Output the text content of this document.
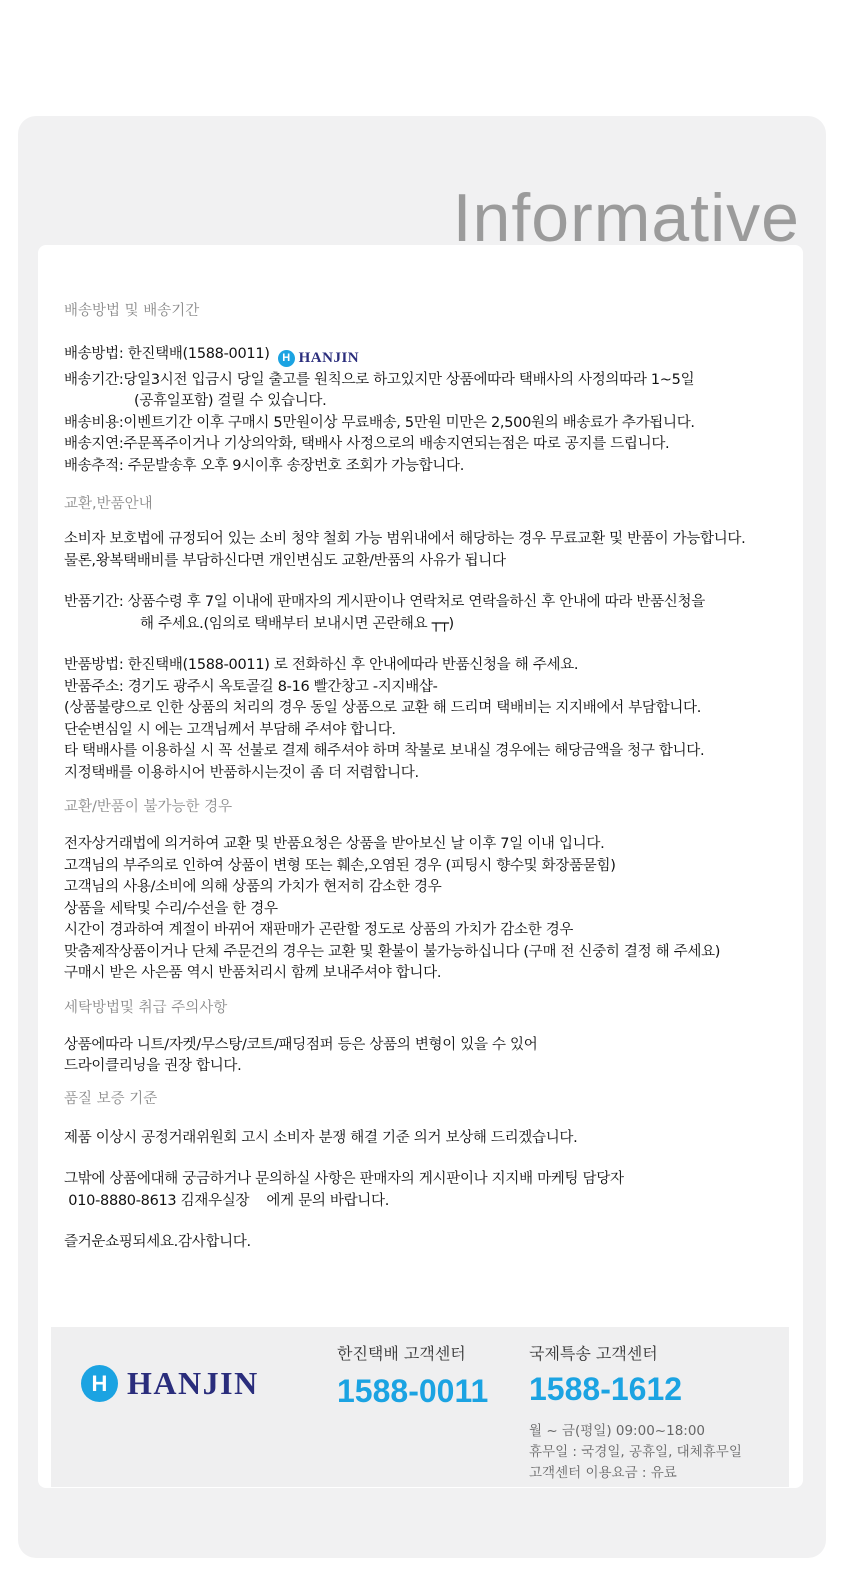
Informative

배송방법 및 배송기간

배송방법: 한진택배(1588-0011)	H HANJIN

배송기간:당일3시전 입금시 당일 출고를 원칙으로 하고있지만 상품에따라 택배사의 사정의따라 1~5일

(공휴일포함) 걸릴 수 있습니다.

배송비용:이벤트기간 이후 구매시 5만원이상 무료배송, 5만원 미만은 2,500원의 배송료가 추가됩니다.

배송지연:주문폭주이거나 기상의악화, 택배사 사정으로의 배송지연되는점은 따로 공지를 드립니다.

배송추적: 주문발송후 오후 9시이후 송장번호 조회가 가능합니다.

교환,반품안내

소비자 보호법에 규정되어 있는 소비 청약 철회 가능 범위내에서 해당하는 경우 무료교환 및 반품이 가능합니다.

물론,왕복택배비를 부담하신다면 개인변심도 교환/반품의 사유가 됩니다

반품기간: 상품수령 후 7일 이내에 판매자의 게시판이나 연락처로 연락을하신 후 안내에 따라 반품신청을

해 주세요.(임의로 택배부터 보내시면 곤란해요 ┬┬)

반품방법: 한진택배(1588-0011) 로 전화하신 후 안내에따라 반품신청을 해 주세요.

반품주소: 경기도 광주시 옥토골길 8-16 빨간창고 -지지배샵-

(상품불량으로 인한 상품의 처리의 경우 동일 상품으로 교환 해 드리며 택배비는 지지배에서 부담합니다.

단순변심일 시 에는 고객님께서 부담해 주셔야 합니다.

타 택배사를 이용하실 시 꼭 선불로 결제 해주셔야 하며 착불로 보내실 경우에는 해당금액을 청구 합니다.

지정택배를 이용하시어 반품하시는것이 좀 더 저렴합니다.

교환/반품이 불가능한 경우

전자상거래법에 의거하여 교환 및 반품요청은 상품을 받아보신 날 이후 7일 이내 입니다.

고객님의 부주의로 인하여 상품이 변형 또는 훼손,오염된 경우 (피팅시 향수및 화장품묻힘)

고객님의 사용/소비에 의해 상품의 가치가 현저히 감소한 경우

상품을 세탁및 수리/수선을 한 경우

시간이 경과하여 계절이 바뀌어 재판매가 곤란할 정도로 상품의 가치가 감소한 경우

맞춤제작상품이거나 단체 주문건의 경우는 교환 및 환불이 불가능하십니다 (구매 전 신중히 결정 해 주세요)

구매시 받은 사은품 역시 반품처리시 함께 보내주셔야 합니다.

세탁방법및 취급 주의사항

상품에따라 니트/자켓/무스탕/코트/패딩점퍼 등은 상품의 변형이 있을 수 있어

드라이클리닝을 권장 합니다.

품질 보증 기준

제품 이상시 공정거래위원회 고시 소비자 분쟁 해결 기준 의거 보상해 드리겠습니다.

그밖에 상품에대해 궁금하거나 문의하실 사항은 판매자의 게시판이나 지지배 마케팅 담당자

010-8880-8613 김재우실장    에게 문의 바랍니다.

즐거운쇼핑되세요.감사합니다.

H HANJIN
한진택배 고객센터
1588-0011
국제특송 고객센터
1588-1612

월 ~ 금(평일) 09:00~18:00

휴무일 : 국경일, 공휴일, 대체휴무일

고객센터 이용요금 : 유료
